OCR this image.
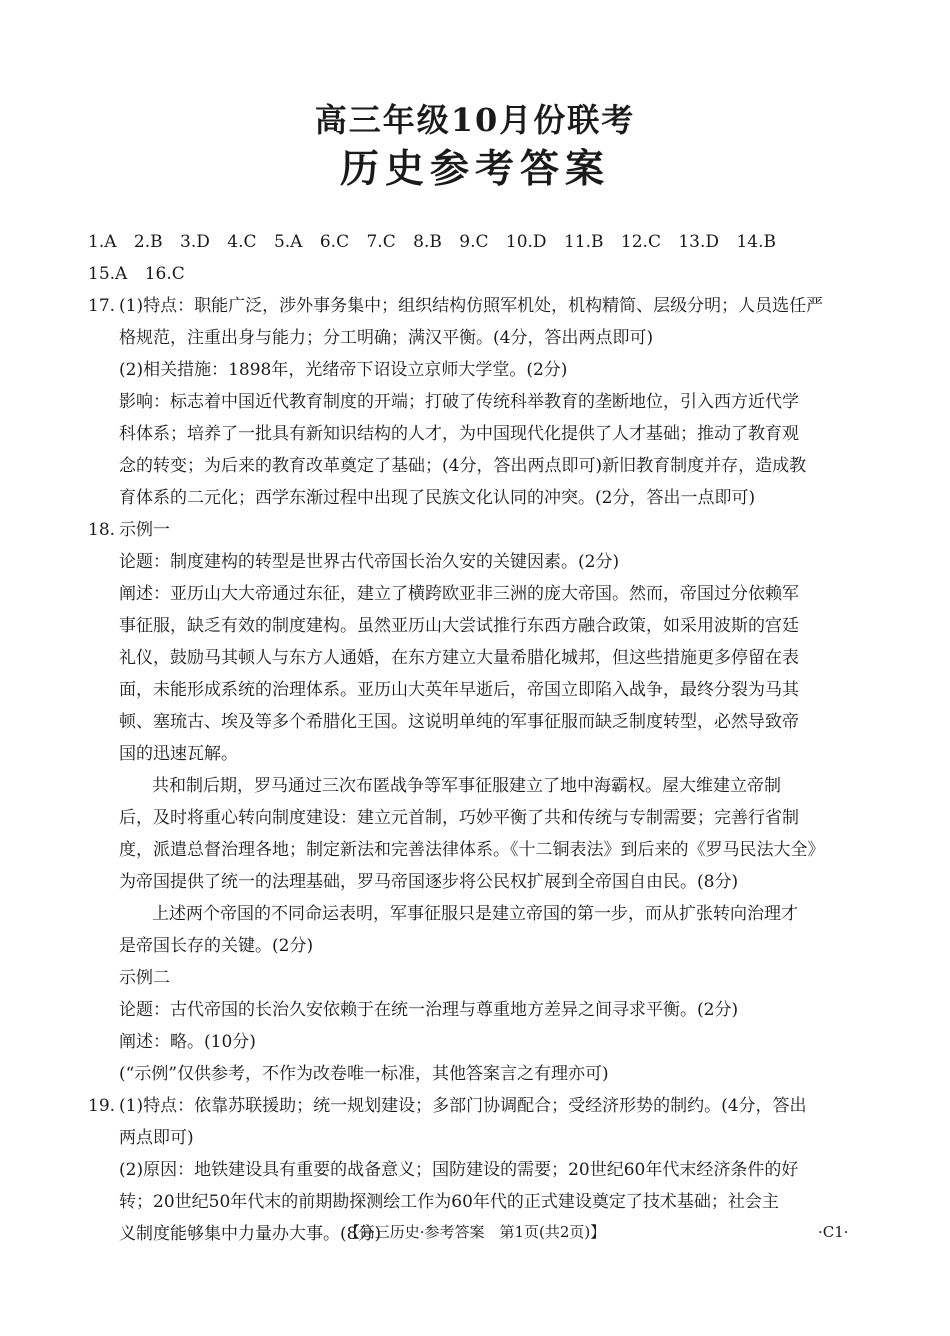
高三年级10月份联考
历史参考答案

1.A 2.B 3.D 4.C 5.A 6.C 7.C 8.B 9.C 10.D 11.B 12.C 13.D 14.B

15.A 16.C

17. (1)特点：职能广泛，涉外事务集中；组织结构仿照军机处，机构精简、层级分明；人员选任严

格规范，注重出身与能力；分工明确；满汉平衡。(4分，答出两点即可)

(2)相关措施：1898年，光绪帝下诏设立京师大学堂。(2分)

影响：标志着中国近代教育制度的开端；打破了传统科举教育的垄断地位，引入西方近代学

科体系；培养了一批具有新知识结构的人才，为中国现代化提供了人才基础；推动了教育观

念的转变；为后来的教育改革奠定了基础；(4分，答出两点即可)新旧教育制度并存，造成教

育体系的二元化；西学东渐过程中出现了民族文化认同的冲突。(2分，答出一点即可)

18. 示例一

论题：制度建构的转型是世界古代帝国长治久安的关键因素。(2分)

阐述：亚历山大大帝通过东征，建立了横跨欧亚非三洲的庞大帝国。然而，帝国过分依赖军

事征服，缺乏有效的制度建构。虽然亚历山大尝试推行东西方融合政策，如采用波斯的宫廷

礼仪，鼓励马其顿人与东方人通婚，在东方建立大量希腊化城邦，但这些措施更多停留在表

面，未能形成系统的治理体系。亚历山大英年早逝后，帝国立即陷入战争，最终分裂为马其

顿、塞琉古、埃及等多个希腊化王国。这说明单纯的军事征服而缺乏制度转型，必然导致帝

国的迅速瓦解。

共和制后期，罗马通过三次布匿战争等军事征服建立了地中海霸权。屋大维建立帝制

后，及时将重心转向制度建设：建立元首制，巧妙平衡了共和传统与专制需要；完善行省制

度，派遣总督治理各地；制定新法和完善法律体系。《十二铜表法》到后来的《罗马民法大全》

为帝国提供了统一的法理基础，罗马帝国逐步将公民权扩展到全帝国自由民。(8分)

上述两个帝国的不同命运表明，军事征服只是建立帝国的第一步，而从扩张转向治理才

是帝国长存的关键。(2分)

示例二

论题：古代帝国的长治久安依赖于在统一治理与尊重地方差异之间寻求平衡。(2分)

阐述：略。(10分)

(“示例”仅供参考，不作为改卷唯一标准，其他答案言之有理亦可)

19. (1)特点：依靠苏联援助；统一规划建设；多部门协调配合；受经济形势的制约。(4分，答出

两点即可)

(2)原因：地铁建设具有重要的战备意义；国防建设的需要；20世纪60年代末经济条件的好

转；20世纪50年代末的前期勘探测绘工作为60年代的正式建设奠定了技术基础；社会主

义制度能够集中力量办大事。(8分)

【高三历史·参考答案　第1页(共2页)】	·C1·
